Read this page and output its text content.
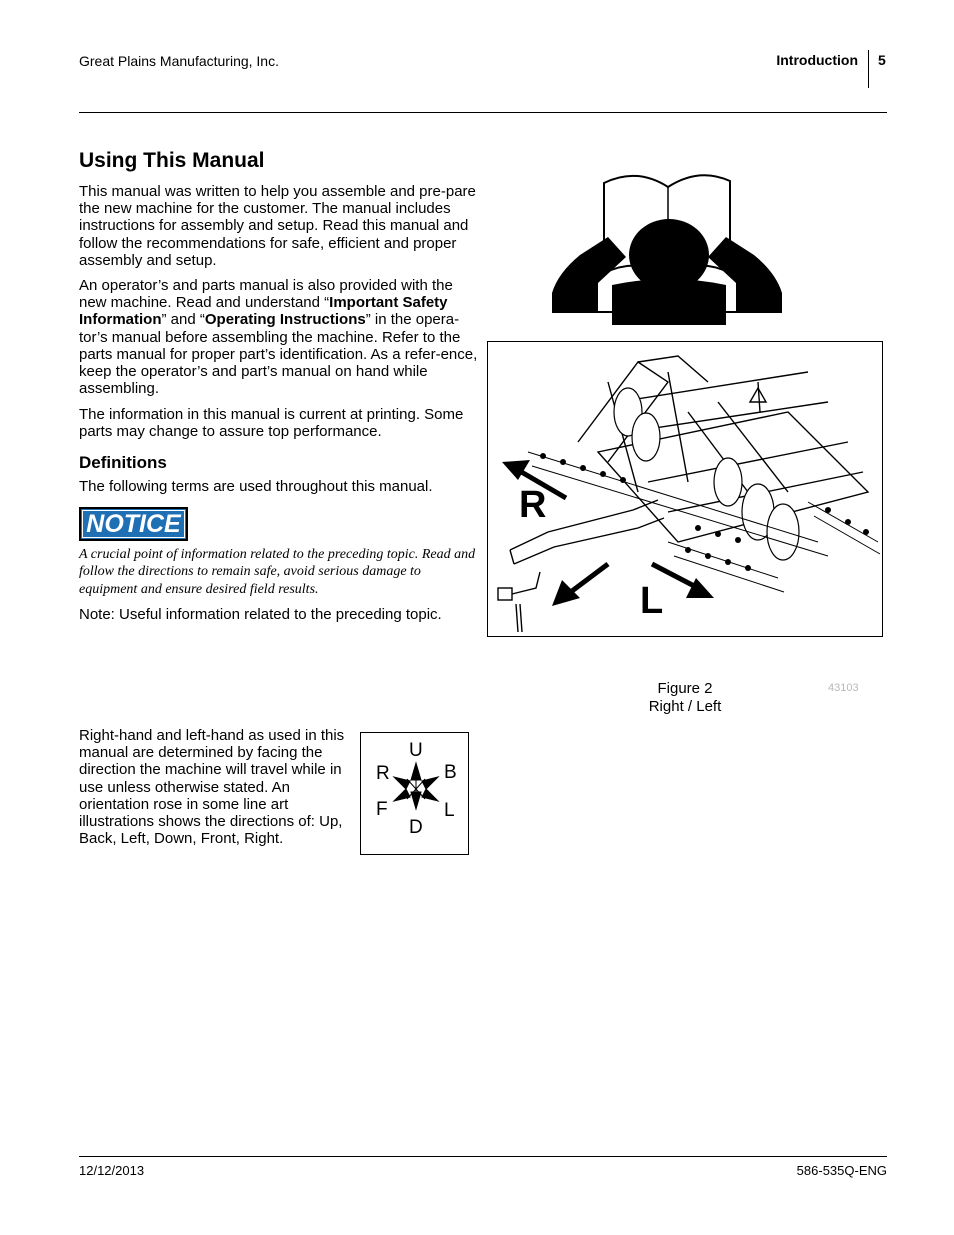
Great Plains Manufacturing, Inc.	Introduction 5
Using This Manual
This manual was written to help you assemble and pre-pare the new machine for the customer. The manual includes instructions for assembly and setup. Read this manual and follow the recommendations for safe, efficient and proper assembly and setup.
An operator’s and parts manual is also provided with the new machine. Read and understand “Important Safety Information” and “Operating Instructions” in the opera-tor’s manual before assembling the machine. Refer to the parts manual for proper part’s identification. As a refer-ence, keep the operator’s and part’s manual on hand while assembling.
The information in this manual is current at printing. Some parts may change to assure top performance.
Definitions
The following terms are used throughout this manual.
NOTICE
A crucial point of information related to the preceding topic. Read and follow the directions to remain safe, avoid serious damage to equipment and ensure desired field results.
Note: Useful information related to the preceding topic.
R
L
Figure 2
Right / Left
43103
Right-hand and left-hand as used in this manual are determined by facing the direction the machine will travel while in use unless otherwise stated. An orientation rose in some line art illustrations shows the directions of: Up, Back, Left, Down, Front, Right.
U
R	B
F	L
D
12/12/2013	586-535Q-ENG
